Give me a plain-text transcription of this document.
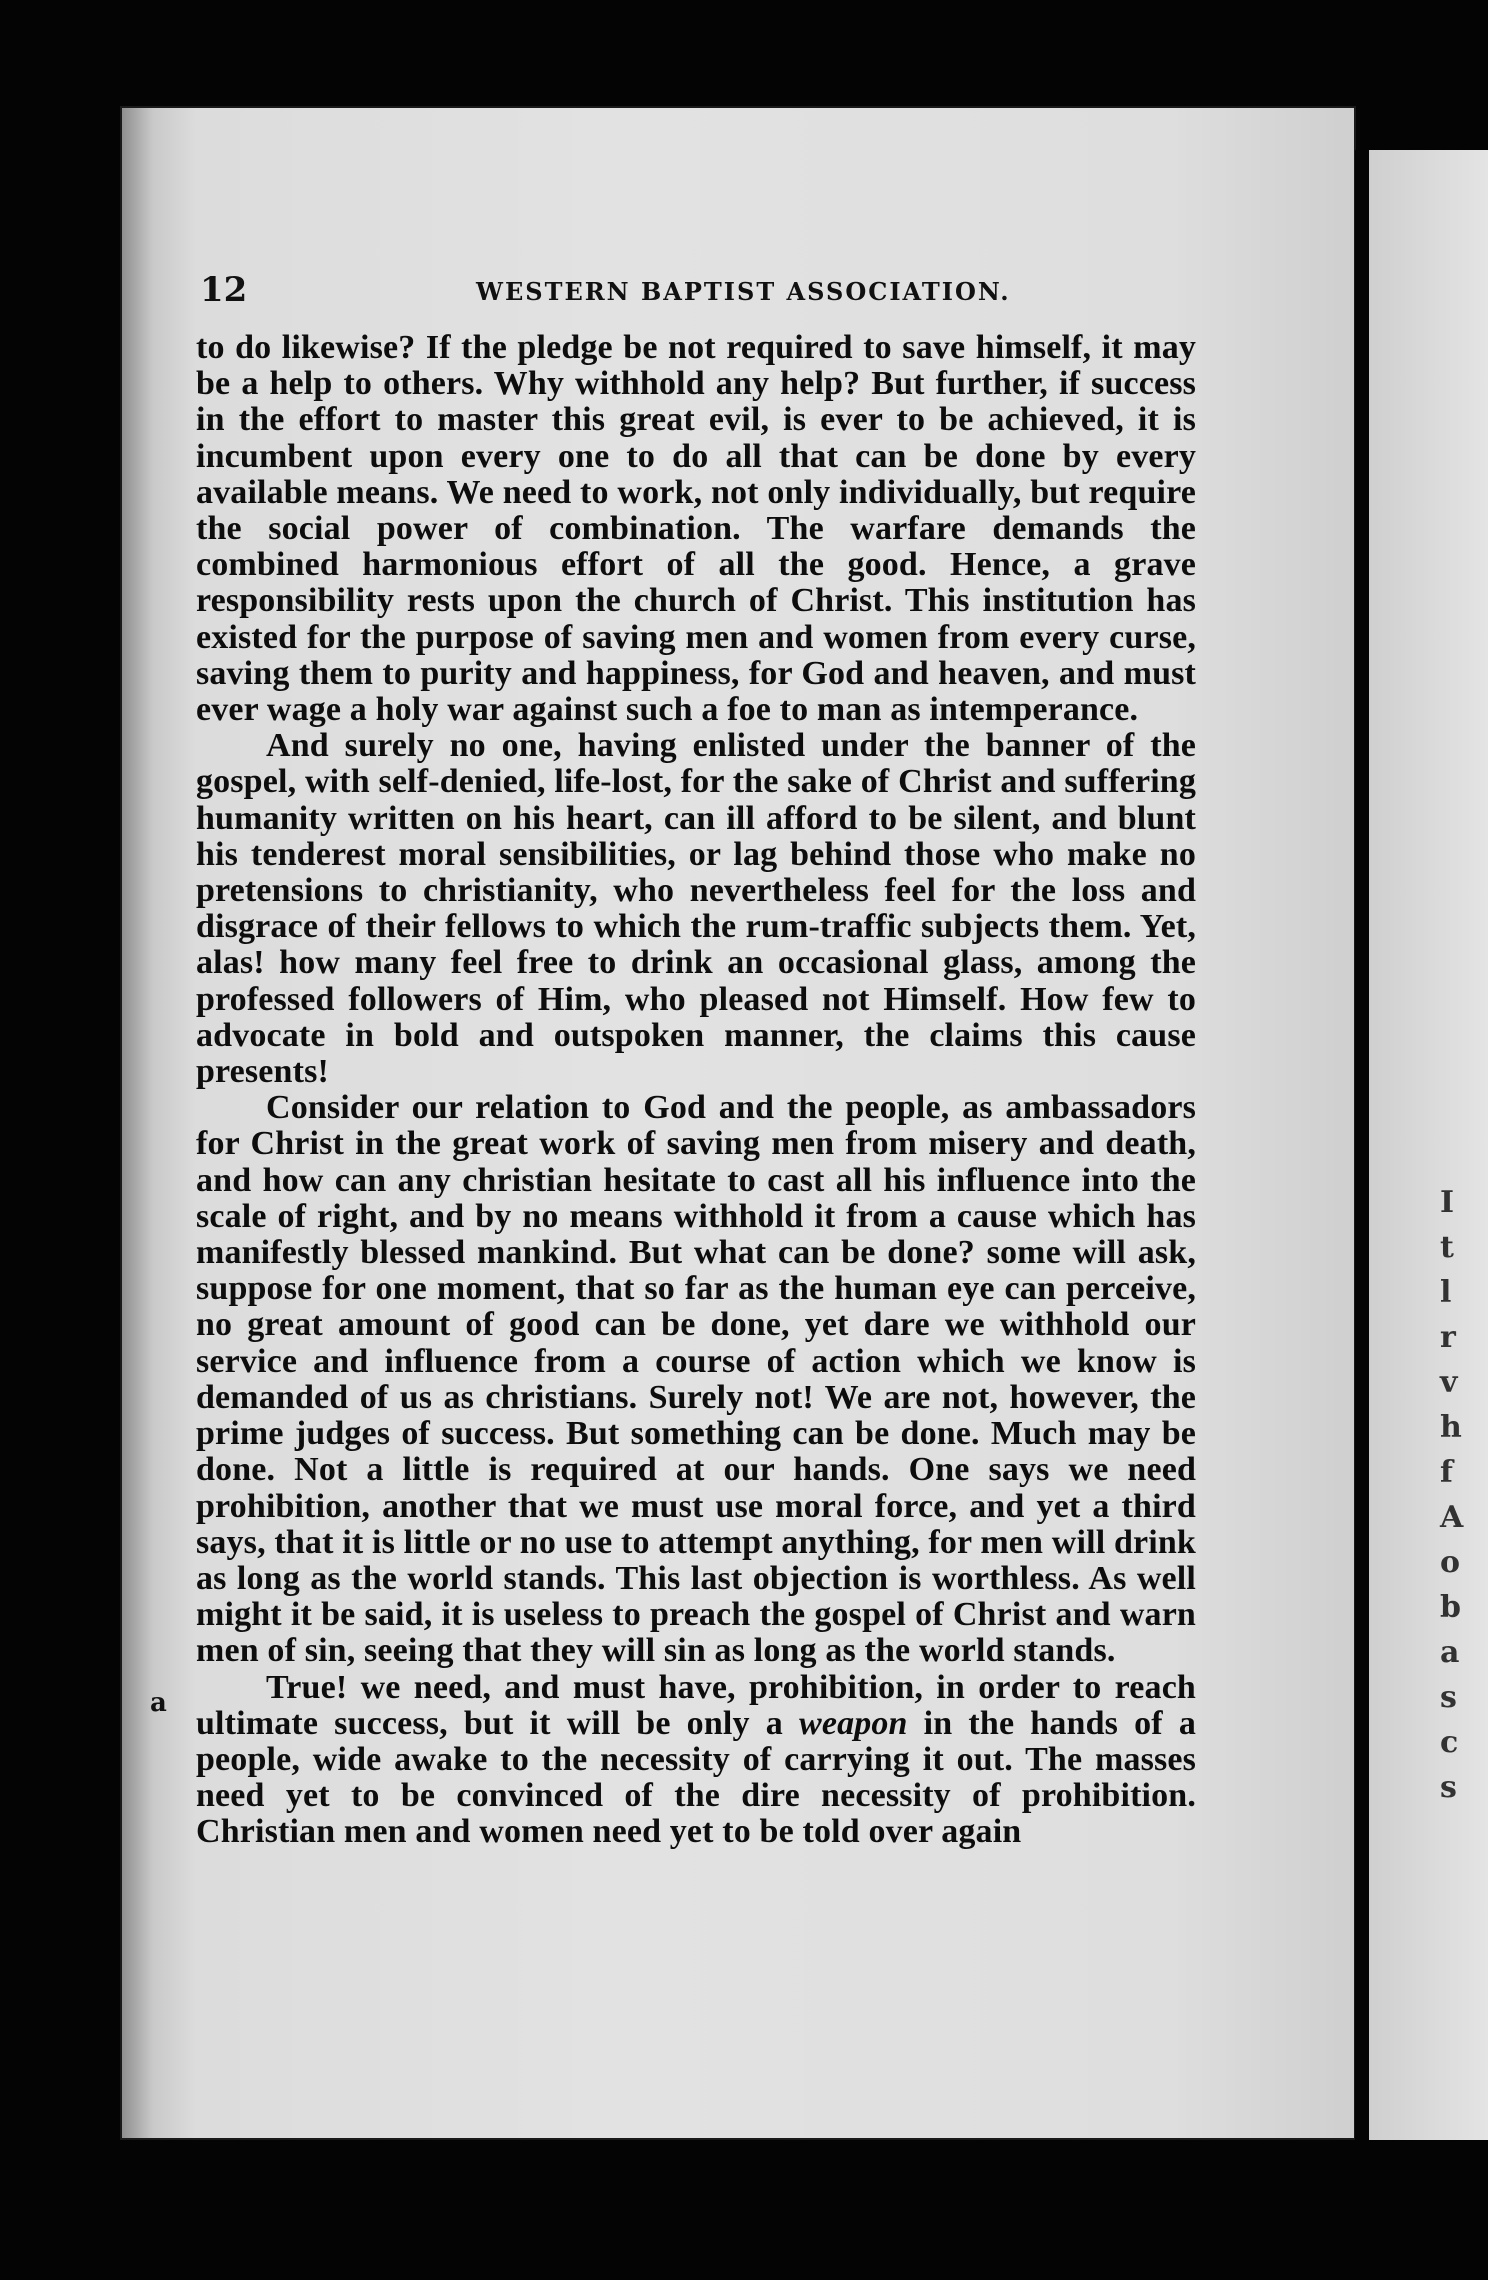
I
t
l
r
v
h
f
A
o
b
a
s
c
s
12	WESTERN BAPTIST ASSOCIATION.

to do likewise? If the pledge be not required to save himself, it may be a help to others. Why withhold any help? But further, if success in the effort to master this great evil, is ever to be achieved, it is incumbent upon every one to do all that can be done by every available means. We need to work, not only individually, but require the social power of combination. The warfare demands the combined harmonious effort of all the good. Hence, a grave responsibility rests upon the church of Christ. This institution has existed for the purpose of saving men and women from every curse, saving them to purity and happiness, for God and heaven, and must ever wage a holy war against such a foe to man as intemperance.

And surely no one, having enlisted under the banner of the gospel, with self-denied, life-lost, for the sake of Christ and suffering humanity written on his heart, can ill afford to be silent, and blunt his tenderest moral sensibilities, or lag behind those who make no pretensions to christianity, who nevertheless feel for the loss and disgrace of their fellows to which the rum-traffic subjects them. Yet, alas! how many feel free to drink an occasional glass, among the professed followers of Him, who pleased not Himself. How few to advocate in bold and outspoken manner, the claims this cause presents!

Consider our relation to God and the people, as ambassadors for Christ in the great work of saving men from misery and death, and how can any christian hesitate to cast all his influence into the scale of right, and by no means withhold it from a cause which has manifestly blessed mankind. But what can be done? some will ask, suppose for one moment, that so far as the human eye can perceive, no great amount of good can be done, yet dare we withhold our service and influence from a course of action which we know is demanded of us as christians. Surely not! We are not, however, the prime judges of success. But something can be done. Much may be done. Not a little is required at our hands. One says we need prohibition, another that we must use moral force, and yet a third says, that it is little or no use to attempt anything, for men will drink as long as the world stands. This last objection is worthless. As well might it be said, it is useless to preach the gospel of Christ and warn men of sin, seeing that they will sin as long as the world stands.

True! we need, and must have, prohibition, in order to reach ultimate success, but it will be only a weapon in the hands of a people, wide awake to the necessity of carrying it out. The masses need yet to be convinced of the dire necessity of prohibition. Christian men and women need yet to be told over again

a
